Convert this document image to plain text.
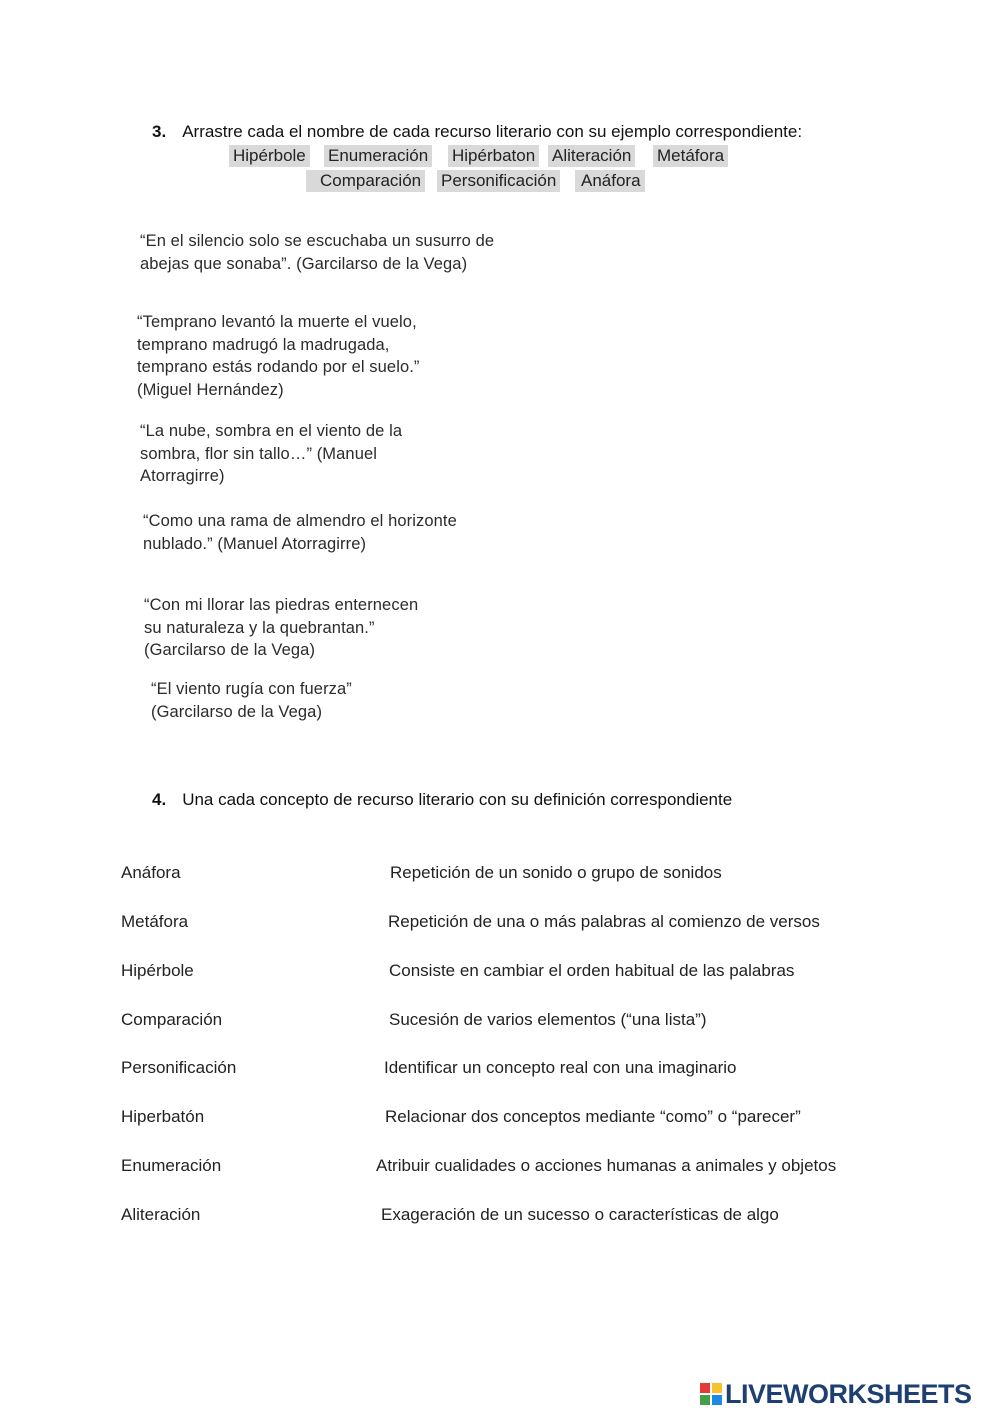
3. Arrastre cada el nombre de cada recurso literario con su ejemplo correspondiente:
Hipérbole Enumeración Hipérbaton Aliteración Metáfora
Comparación Personificación	Anáfora
“En el silencio solo se escuchaba un susurro de
abejas que sonaba”. (Garcilarso de la Vega)
“Temprano levantó la muerte el vuelo,
temprano madrugó la madrugada,
temprano estás rodando por el suelo.”
(Miguel Hernández)
“La nube, sombra en el viento de la
sombra, flor sin tallo…” (Manuel
Atorragirre)
“Como una rama de almendro el horizonte
nublado.” (Manuel Atorragirre)
“Con mi llorar las piedras enternecen
su naturaleza y la quebrantan.”
(Garcilarso de la Vega)
“El viento rugía con fuerza”
(Garcilarso de la Vega)
4. Una cada concepto de recurso literario con su definición correspondiente
Anáfora
Metáfora
Hipérbole
Comparación
Personificación
Hiperbatón
Enumeración
Aliteración
Repetición de un sonido o grupo de sonidos
Repetición de una o más palabras al comienzo de versos
Consiste en cambiar el orden habitual de las palabras
Sucesión de varios elementos (“una lista”)
Identificar un concepto real con una imaginario
Relacionar dos conceptos mediante “como” o “parecer”
Atribuir cualidades o acciones humanas a animales y objetos
Exageración de un sucesso o características de algo
LIVEWORKSHEETS
